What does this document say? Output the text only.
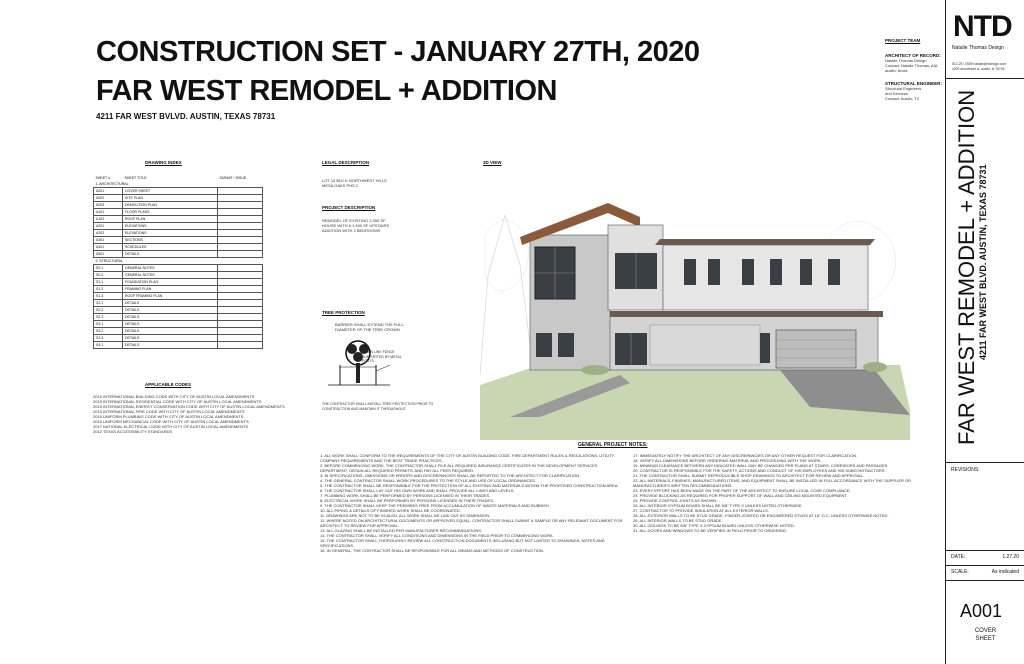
CONSTRUCTION SET - JANUARY 27TH, 2020
FAR WEST REMODEL + ADDITION
4211 FAR WEST BVLVD. AUSTIN, TEXAS 78731
PROJECT TEAM
ARCHITECT OF RECORD:
Natalie Thomas Design
Contact: Natalie Thomas, AIA
austin, texas
STRUCTURAL ENGINEER:
Structural Engineers
and Services
Contact: Austin, TX
DRAWING INDEX
SHEET #	SHEET TITLE	SUBMIT / ISSUE
1. ARCHITECTURAL		
A001	COVER SHEET	
A002	SITE PLAN	
A003	DEMOLITION PLAN	
A101	FLOOR PLANS	
A102	ROOF PLAN	
A201	ELEVATIONS	
A202	ELEVATIONS	
A301	SECTIONS	
A401	SCHEDULES	
A501	DETAILS	
2. STRUCTURAL		
S0.1	GENERAL NOTES	
S0.2	GENERAL NOTES	
S1.1	FOUNDATION PLAN	
S1.2	FRAMING PLAN	
S1.3	ROOF FRAMING PLAN	
S2.1	DETAILS	
S2.2	DETAILS	
S2.3	DETAILS	
S3.1	DETAILS	
S3.2	DETAILS	
S3.3	DETAILS	
S4.1	DETAILS	
LEGAL DESCRIPTION
LOT 13 BLK K NORTHWEST HILLS MESA OAKS PHS 2
PROJECT DESCRIPTION
REMODEL OF EXISTING 2,350 SF HOUSE WITH A 1,400 SF UPSTAIRS ADDITION WITH 2 BEDROOMS
TREE PROTECTION
BARRIER SHALL EXTEND THE FULL DIAMETER OF THE TREE CROWN
CHAIN LINK FENCE SUPPORTED BY METAL POSTS
THE CONTRACTOR SHALL INSTALL TREE PROTECTION PRIOR TO CONSTRUCTION AND MAINTAIN IT THROUGHOUT.
3D VIEW
APPLICABLE CODES
2015 INTERNATIONAL BUILDING CODE WITH CITY OF AUSTIN LOCAL AMENDMENTS
2015 INTERNATIONAL RESIDENTIAL CODE WITH CITY OF AUSTIN LOCAL AMENDMENTS
2015 INTERNATIONAL ENERGY CONSERVATION CODE WITH CITY OF AUSTIN LOCAL AMENDMENTS
2015 INTERNATIONAL FIRE CODE WITH CITY OF AUSTIN LOCAL AMENDMENTS
2015 UNIFORM PLUMBING CODE WITH CITY OF AUSTIN LOCAL AMENDMENTS
2015 UNIFORM MECHANICAL CODE WITH CITY OF AUSTIN LOCAL AMENDMENTS
2017 NATIONAL ELECTRICAL CODE WITH CITY OF AUSTIN LOCAL AMENDMENTS
2012 TEXAS ACCESSIBILITY STANDARDS
GENERAL PROJECT NOTES:
1. ALL WORK SHALL CONFORM TO THE REQUIREMENTS OF THE CITY OF AUSTIN BUILDING CODE, FIRE DEPARTMENT RULES & REGULATIONS, UTILITY COMPANY REQUIREMENTS AND THE BEST TRADE PRACTICES.
2. BEFORE COMMENCING WORK, THE CONTRACTOR SHALL FILE ALL REQUIRED INSURANCE CERTIFICATES IN THE DEVELOPMENT SERVICES DEPARTMENT, OBTAIN ALL REQUIRED PERMITS, AND PAY ALL FEES REQUIRED.
3. IN SPECIFICATIONS, OMISSIONS OR ERRORS AND DISCREPANCIES SHALL BE REPORTED TO THE ARCHITECT FOR CLARIFICATION.
4. THE GENERAL CONTRACTOR SHALL WORK PROCEDURES TO THE STYLE AND USE OF LOCAL ORDINANCES.
5. THE CONTRACTOR SHALL BE RESPONSIBLE FOR THE PROTECTION OF ALL EXISTING AND MATERIALS WITHIN THE PROPOSED CONSTRUCTION AREA.
6. THE CONTRACTOR SHALL LAY OUT HIS OWN WORK AND SHALL PROVIDE ALL LINES AND LEVELS.
7. PLUMBING WORK SHALL BE PERFORMED BY PERSONS LICENSED IN THEIR TRADES.
8. ELECTRICAL WORK SHALL BE PERFORMED BY PERSONS LICENSED IN THEIR TRADES.
9. THE CONTRACTOR SHALL KEEP THE PREMISES FREE FROM ACCUMULATION OF WASTE MATERIALS AND RUBBISH.
10. ALL PIPING & DETAILS OF FINISHED WORK SHALL BE COORDINATED.
11. DRAWINGS ARE NOT TO BE SCALED. ALL WORK SHALL BE LAID OUT BY DIMENSION.
12. WHERE NOTED ON ARCHITECTURAL DOCUMENTS OR APPROVED EQUAL, CONTRACTOR SHALL SUBMIT A SAMPLE OR ANY RELEVANT DOCUMENT FOR ARCHITECT TO REVIEW FOR APPROVAL.
13. ALL GLAZING SHALL BE INSTALLED PER MANUFACTURER RECOMMENDATIONS.
14. THE CONTRACTOR SHALL VERIFY ALL CONDITIONS AND DIMENSIONS IN THE FIELD PRIOR TO COMMENCING WORK.
15. THE CONTRACTOR SHALL THOROUGHLY REVIEW ALL CONSTRUCTION DOCUMENTS INCLUDING BUT NOT LIMITED TO DRAWINGS, NOTES AND SPECIFICATIONS.
16. IN GENERAL, THE CONTRACTOR SHALL BE RESPONSIBLE FOR ALL MEANS AND METHODS OF CONSTRUCTION.
17. IMMEDIATELY NOTIFY THE ARCHITECT OF ANY DISCREPANCIES OR ANY OTHER REQUEST FOR CLARIFICATION.
18. VERIFY ALL DIMENSIONS BEFORE ORDERING MATERIAL AND PROCEEDING WITH THE WORK.
19. MINIMUM CLEARANCE BETWEEN ANY INDICATED WALL MAY BE CHANGED PER PLANS AT STAIRS, CORRIDORS AND PASSAGES.
20. CONTRACTOR IS RESPONSIBLE FOR THE SAFETY, ACTIONS AND CONDUCT OF HIS EMPLOYEES AND HIS SUBCONTRACTORS.
21. THE CONTRACTOR SHALL SUBMIT REPRODUCIBLE SHOP DRAWINGS TO ARCHITECT FOR REVIEW AND APPROVAL.
22. ALL MATERIALS, FINISHES, MANUFACTURED ITEMS, AND EQUIPMENT SHALL BE INSTALLED IN FULL ACCORDANCE WITH THE SUPPLIER OR MANUFACTURER'S WRITTEN RECOMMENDATIONS.
23. EVERY EFFORT HAS BEEN MADE ON THE PART OF THE ARCHITECT TO ENSURE LOCAL CODE COMPLIANCE.
24. PROVIDE BLOCKING AS REQUIRED FOR PROPER SUPPORT OF WALL AND CEILING MOUNTED EQUIPMENT.
25. PROVIDE CONTROL JOINTS AS SHOWN.
26. ALL INTERIOR GYPSUM BOARD SHALL BE 5/8" TYPE X UNLESS NOTED OTHERWISE.
27. CONTRACTOR TO PROVIDE INSULATION AT ALL EXTERIOR WALLS.
28. ALL EXTERIOR WALLS TO BE STUD GRADE, FINGER-JOINTED OR ENGINEERED STUDS AT 16" O.C. UNLESS OTHERWISE NOTED.
29. ALL INTERIOR WALLS TO BE STUD GRADE.
30. ALL CEILINGS TO BE 5/8" TYPE X GYPSUM BOARD UNLESS OTHERWISE NOTED.
31. ALL DOORS AND WINDOWS TO BE VERIFIED IN FIELD PRIOR TO ORDERING.
NTD
Natalie Thomas Design
512-297-0589 natalie@ntdesign.com
4209 arrowhead ct. austin, tx 78745
FAR WEST REMODEL + ADDITION 4211 FAR WEST BLVD. AUSTIN, TEXAS 78731
REVISIONS:
DATE:	1.27.20
SCALE:	As indicated
A001
COVER
SHEET
